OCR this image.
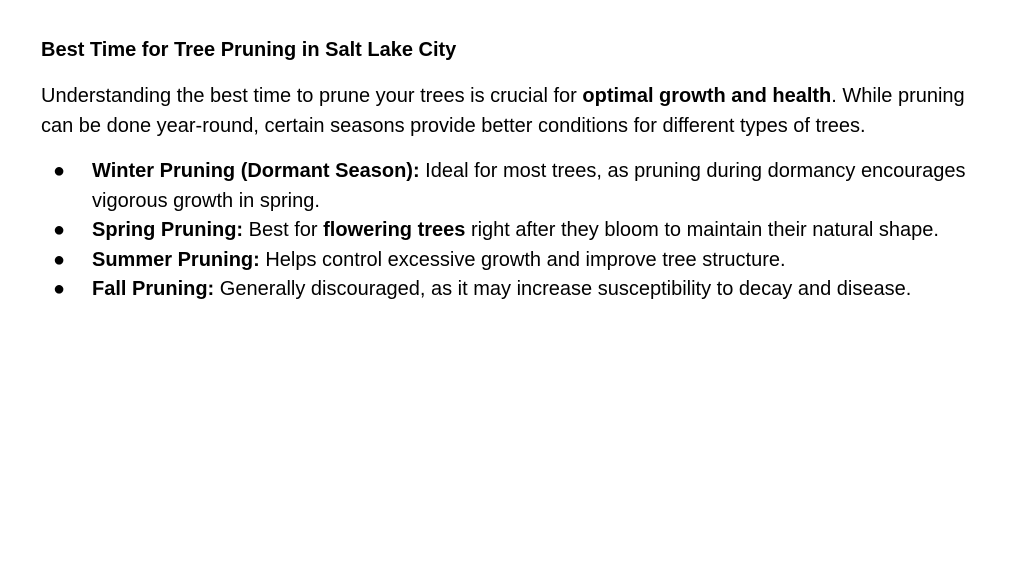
Best Time for Tree Pruning in Salt Lake City

Understanding the best time to prune your trees is crucial for optimal growth and health. While pruning can be done year-round, certain seasons provide better conditions for different types of trees.

● Winter Pruning (Dormant Season): Ideal for most trees, as pruning during dormancy encourages vigorous growth in spring.
● Spring Pruning: Best for flowering trees right after they bloom to maintain their natural shape.
● Summer Pruning: Helps control excessive growth and improve tree structure.
● Fall Pruning: Generally discouraged, as it may increase susceptibility to decay and disease.
